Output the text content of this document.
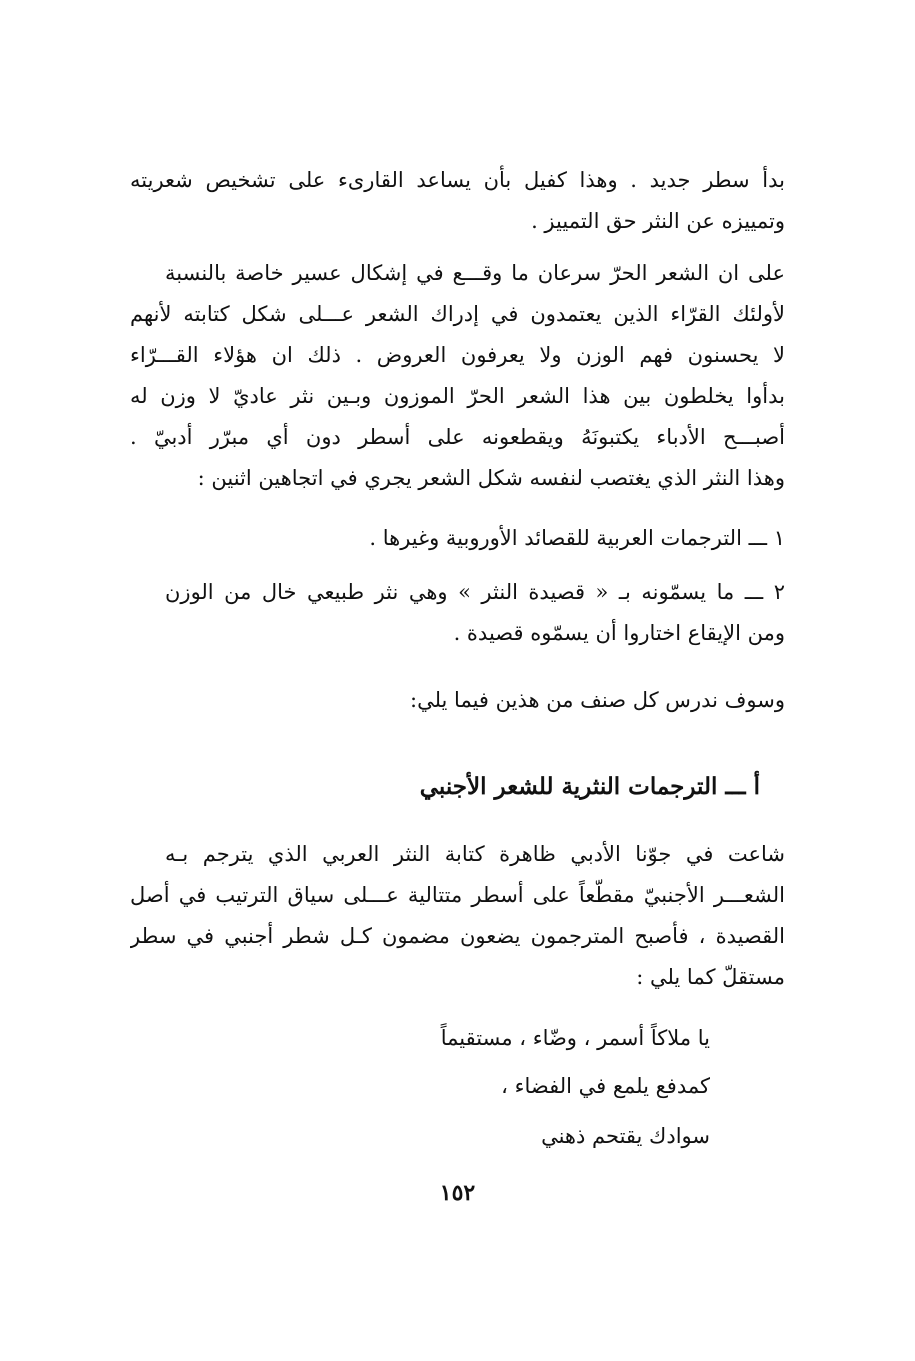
بدأ سطر جديد . وهذا كفيل بأن يساعد القارىء على تشخيص شعريته
وتمييزه عن النثر حق التمييز .
على ان الشعر الحرّ سرعان ما وقـــع في إشكال عسير خاصة بالنسبة
لأولئك القرّاء الذين يعتمدون في إدراك الشعر عـــلى شكل كتابته لأنهم
لا يحسنون فهم الوزن ولا يعرفون العروض . ذلك ان هؤلاء القـــرّاء
بدأوا يخلطون بين هذا الشعر الحرّ الموزون وبـين نثر عاديّ لا وزن له
أصبـــح الأدباء يكتبونَهُ ويقطعونه على أسطر دون أي مبرّر أدبيّ .
وهذا النثر الذي يغتصب لنفسه شكل الشعر يجري في اتجاهين اثنين :
١ ـــ الترجمات العربية للقصائد الأوروبية وغيرها .
٢ ـــ ما يسمّونه بـ « قصيدة النثر » وهي نثر طبيعي خال من الوزن
ومن الإيقاع اختاروا أن يسمّوه قصيدة .
وسوف ندرس كل صنف من هذين فيما يلي:
أ ـــ الترجمات النثرية للشعر الأجنبي
شاعت في جوّنا الأدبي ظاهرة كتابة النثر العربي الذي يترجم بـه
الشعـــر الأجنبيّ مقطّعاً على أسطر متتالية عـــلى سياق الترتيب في أصل
القصيدة ، فأصبح المترجمون يضعون مضمون كـل شطر أجنبي في سطر
مستقلّ كما يلي :
يا ملاكاً أسمر ، وضّاء ، مستقيماً
كمدفع يلمع في الفضاء ،
سوادك يقتحم ذهني
١٥٢
